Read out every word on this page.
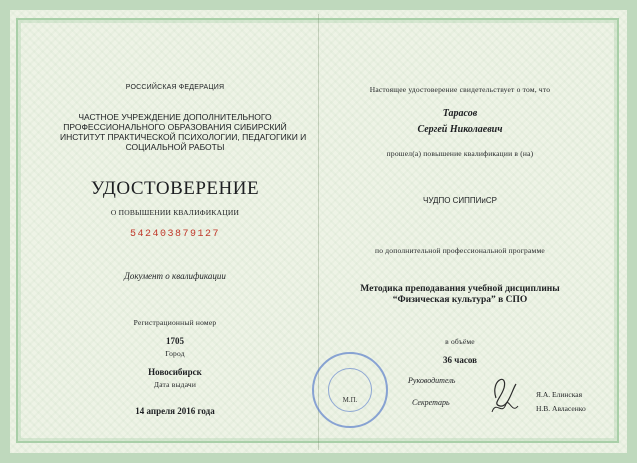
РОССИЙСКАЯ ФЕДЕРАЦИЯ
ЧАСТНОЕ УЧРЕЖДЕНИЕ ДОПОЛНИТЕЛЬНОГО
ПРОФЕССИОНАЛЬНОГО ОБРАЗОВАНИЯ СИБИРСКИЙ
ИНСТИТУТ ПРАКТИЧЕСКОЙ ПСИХОЛОГИИ, ПЕДАГОГИКИ И
СОЦИАЛЬНОЙ РАБОТЫ
УДОСТОВЕРЕНИЕ
О ПОВЫШЕНИИ КВАЛИФИКАЦИИ
542403879127
Документ о квалификации
Регистрационный номер
1705
Город
Новосибирск
Дата выдачи
14 апреля 2016 года
Настоящее удостоверение свидетельствует о том, что
Тарасов
Сергей Николаевич
прошел(а) повышение квалификации в (на)
ЧУДПО СИППИиСР
по дополнительной профессиональной программе
Методика преподавания учебной дисциплины
“Физическая культура” в СПО
в объёме
36 часов
М.П.
Руководитель
Секретарь
Я.А. Елинская
Н.В. Авласенко
